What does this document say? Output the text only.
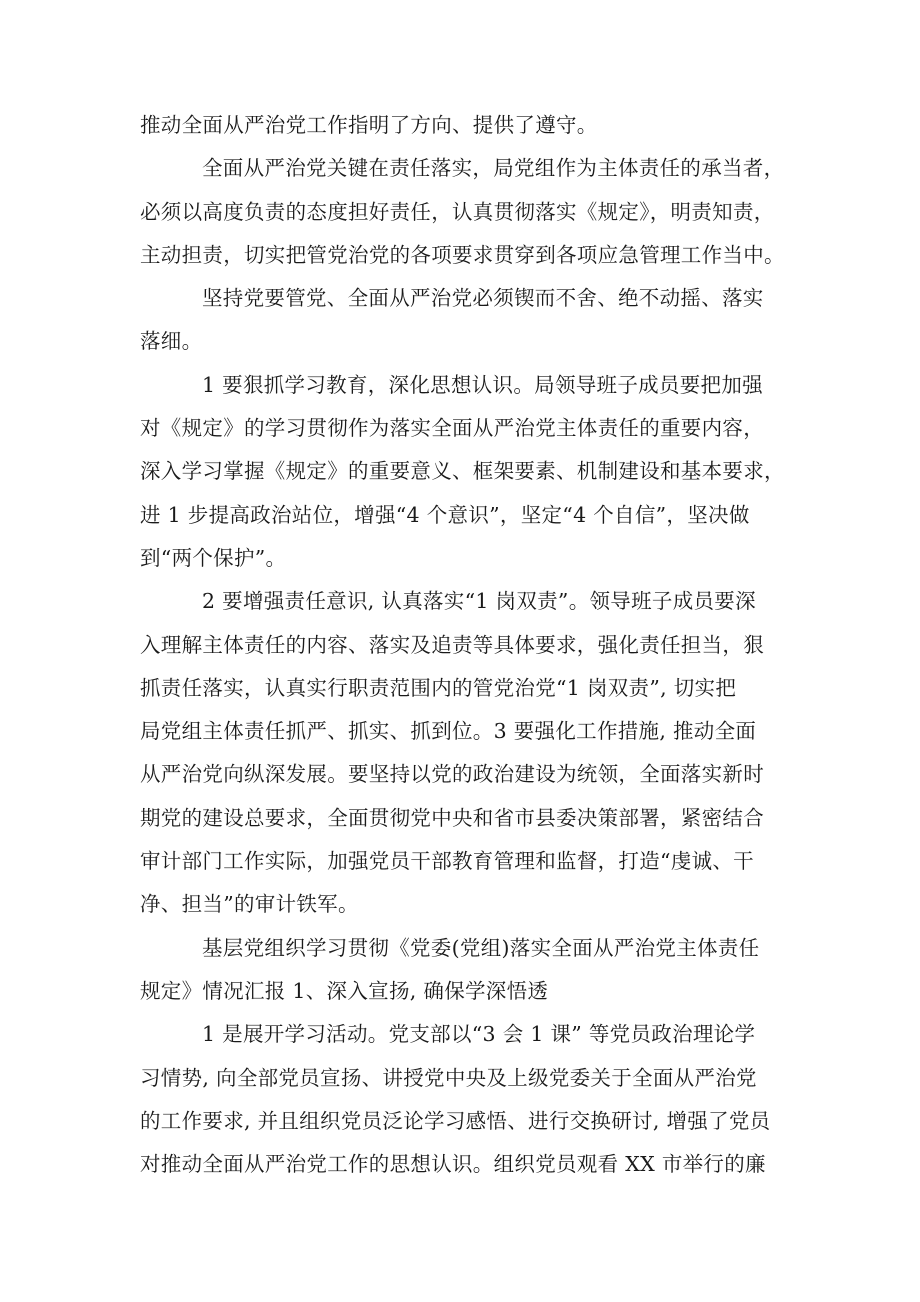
推动全面从严治党工作指明了方向、提供了遵守。

全面从严治党关键在责任落实，局党组作为主体责任的承当者，

必须以高度负责的态度担好责任，认真贯彻落实《规定》，明责知责，

主动担责，切实把管党治党的各项要求贯穿到各项应急管理工作当中。

坚持党要管党、全面从严治党必须锲而不舍、绝不动摇、落实

落细。

1 要狠抓学习教育，深化思想认识。局领导班子成员要把加强

对《规定》的学习贯彻作为落实全面从严治党主体责任的重要内容，

深入学习掌握《规定》的重要意义、框架要素、机制建设和基本要求，

进 1 步提高政治站位，增强“4 个意识”，坚定“4 个自信”，坚决做

到“两个保护”。

2 要增强责任意识, 认真落实“1 岗双责”。领导班子成员要深

入理解主体责任的内容、落实及追责等具体要求，强化责任担当，狠

抓责任落实，认真实行职责范围内的管党治党“1 岗双责”, 切实把

局党组主体责任抓严、抓实、抓到位。3 要强化工作措施, 推动全面

从严治党向纵深发展。要坚持以党的政治建设为统领，全面落实新时

期党的建设总要求，全面贯彻党中央和省市县委决策部署，紧密结合

审计部门工作实际，加强党员干部教育管理和监督，打造“虔诚、干

净、担当”的审计铁军。

基层党组织学习贯彻《党委(党组)落实全面从严治党主体责任

规定》情况汇报 1、深入宣扬, 确保学深悟透

1 是展开学习活动。党支部以“3 会 1 课” 等党员政治理论学

习情势, 向全部党员宣扬、讲授党中央及上级党委关于全面从严治党

的工作要求, 并且组织党员泛论学习感悟、进行交换研讨, 增强了党员

对推动全面从严治党工作的思想认识。组织党员观看 XX 市举行的廉
